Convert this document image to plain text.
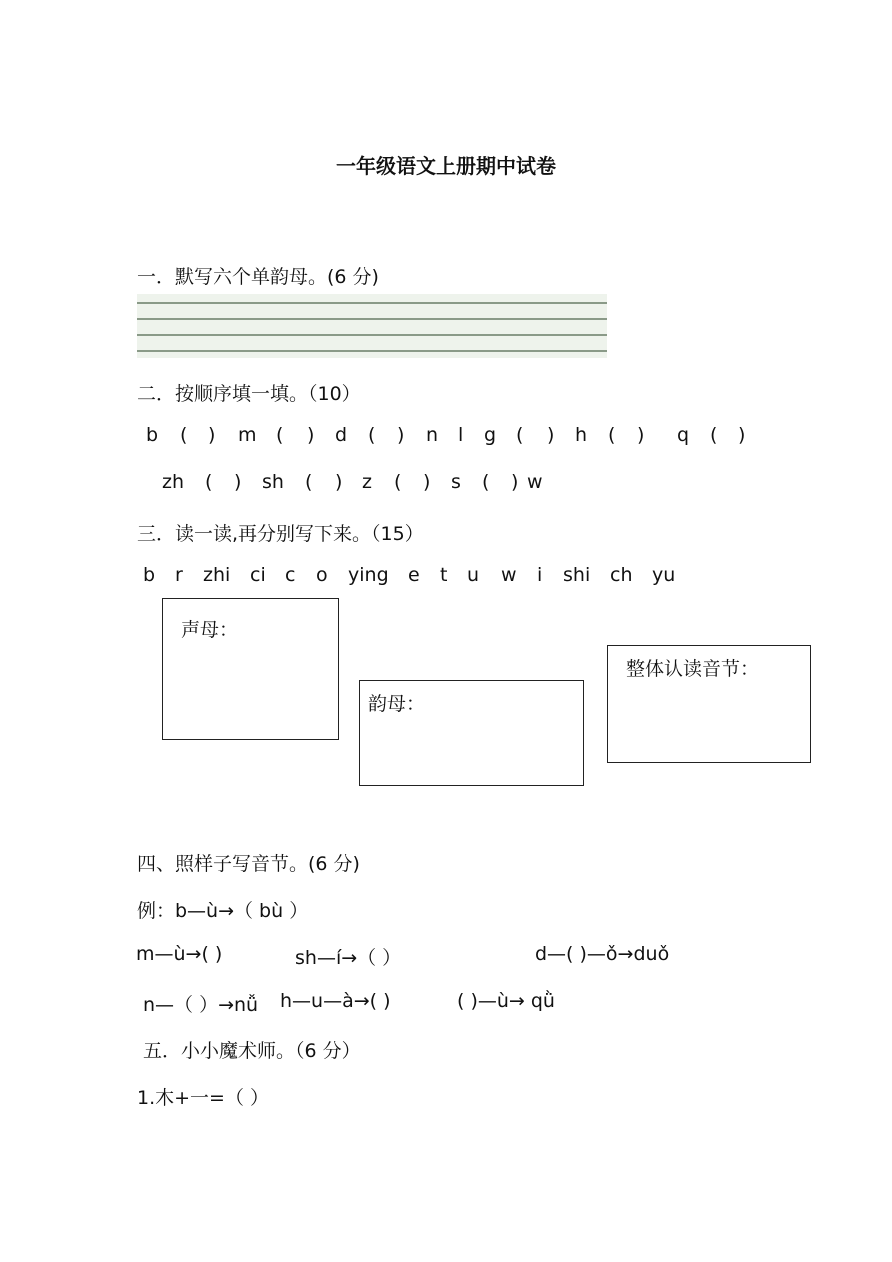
一年级语文上册期中试卷
一．默写六个单韵母。(6 分)
二．按顺序填一填。（10）
b ( ) m ( ) d ( ) n l g ( ) h ( ) q ( )
zh ( ) sh ( ) z ( ) s ( ) w
三．读一读,再分别写下来。（15）
b r zhi ci c o ying e t u w i shi ch yu
声母：
韵母：
整体认读音节：
四、照样子写音节。(6 分)
例：b—ù→（ bù ）
m—ù→( )	sh—í→（ ）	d—( )—ǒ→duǒ
n—（ ）→nǚ h—u—à→( )	( )—ù→ qǜ
五．小小魔术师。（6 分）
1.木+一=（ ）
